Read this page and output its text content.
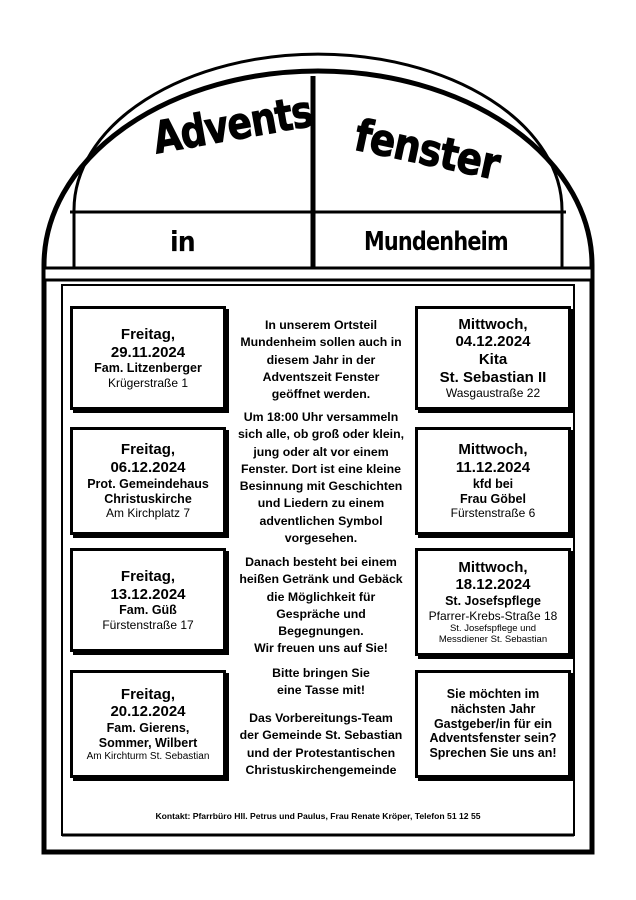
Advents fenster
in	Mundenheim
Freitag,
29.11.2024
Fam. Litzenberger
Krügerstraße 1
Freitag,
06.12.2024
Prot. Gemeindehaus
Christuskirche
Am Kirchplatz 7
Freitag,
13.12.2024
Fam. Güß
Fürstenstraße 17
Freitag,
20.12.2024
Fam. Gierens,
Sommer, Wilbert
Am Kirchturm St. Sebastian
Mittwoch,
04.12.2024
Kita
St. Sebastian II
Wasgaustraße 22
Mittwoch,
11.12.2024
kfd bei
Frau Göbel
Fürstenstraße 6
Mittwoch,
18.12.2024
St. Josefspflege
Pfarrer-Krebs-Straße 18
St. Josefspflege und
Messdiener St. Sebastian
Sie möchten im
nächsten Jahr
Gastgeber/in für ein
Adventsfenster sein?
Sprechen Sie uns an!
In unserem Ortsteil
Mundenheim sollen auch in
diesem Jahr in der
Adventszeit Fenster
geöffnet werden.
Um 18:00 Uhr versammeln
sich alle, ob groß oder klein,
jung oder alt vor einem
Fenster. Dort ist eine kleine
Besinnung mit Geschichten
und Liedern zu einem
adventlichen Symbol
vorgesehen.
Danach besteht bei einem
heißen Getränk und Gebäck
die Möglichkeit für
Gespräche und
Begegnungen.
Wir freuen uns auf Sie!
Bitte bringen Sie
eine Tasse mit!
Das Vorbereitungs-Team
der Gemeinde St. Sebastian
und der Protestantischen
Christuskirchengemeinde
Kontakt: Pfarrbüro Hll. Petrus und Paulus, Frau Renate Kröper, Telefon 51 12 55
